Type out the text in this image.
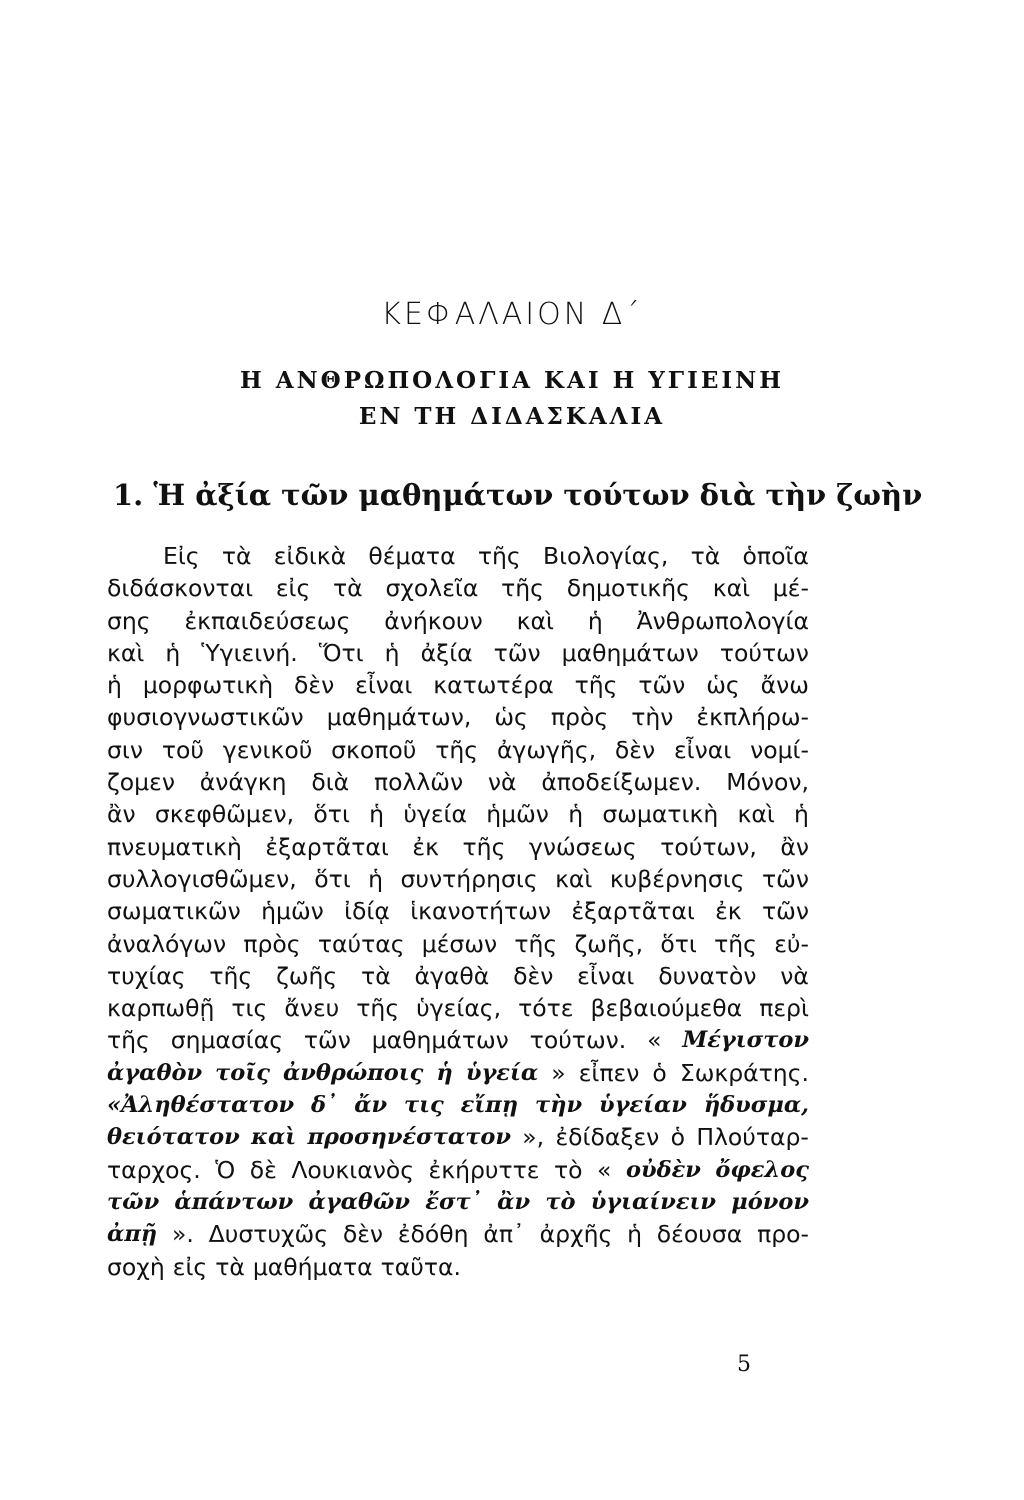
ΚΕΦΑΛΑΙΟΝ Δ΄
Η ΑΝΘΡΩΠΟΛΟΓΙΑ ΚΑΙ Η ΥΓΙΕΙΝΗ
ΕΝ ΤΗ ΔΙΔΑΣΚΑΛΙΑ
1. Ἡ ἀξία τῶν μαθημάτων τούτων διὰ τὴν ζωὴν
Εἰς τὰ εἰδικὰ θέματα τῆς Βιολογίας, τὰ ὁποῖα
διδάσκονται εἰς τὰ σχολεῖα τῆς δημοτικῆς καὶ μέ-
σης ἐκπαιδεύσεως ἀνήκουν καὶ ἡ Ἀνθρωπολογία
καὶ ἡ Ὑγιεινή. Ὅτι ἡ ἀξία τῶν μαθημάτων τούτων
ἡ μορφωτικὴ δὲν εἶναι κατωτέρα τῆς τῶν ὡς ἄνω
φυσιογνωστικῶν μαθημάτων, ὡς πρὸς τὴν ἐκπλήρω-
σιν τοῦ γενικοῦ σκοποῦ τῆς ἀγωγῆς, δὲν εἶναι νομί-
ζομεν ἀνάγκη διὰ πολλῶν νὰ ἀποδείξωμεν. Μόνον,
ἂν σκεφθῶμεν, ὅτι ἡ ὑγεία ἡμῶν ἡ σωματικὴ καὶ ἡ
πνευματικὴ ἐξαρτᾶται ἐκ τῆς γνώσεως τούτων, ἂν
συλλογισθῶμεν, ὅτι ἡ συντήρησις καὶ κυβέρνησις τῶν
σωματικῶν ἡμῶν ἰδίᾳ ἱκανοτήτων ἐξαρτᾶται ἐκ τῶν
ἀναλόγων πρὸς ταύτας μέσων τῆς ζωῆς, ὅτι τῆς εὐ-
τυχίας τῆς ζωῆς τὰ ἀγαθὰ δὲν εἶναι δυνατὸν νὰ
καρπωθῇ τις ἄνευ τῆς ὑγείας, τότε βεβαιούμεθα περὶ
τῆς σημασίας τῶν μαθημάτων τούτων. « Μέγιστον
ἀγαθὸν τοῖς ἀνθρώποις ἡ ὑγεία » εἶπεν ὁ Σωκράτης.
«Ἀληθέστατον δ᾽ ἄν τις εἴπῃ τὴν ὑγείαν ἥδυσμα,
θειότατον καὶ προσηνέστατον », ἐδίδαξεν ὁ Πλούταρ-
ταρχος. Ὁ δὲ Λουκιανὸς ἐκήρυττε τὸ « οὐδὲν ὄφελος
τῶν ἁπάντων ἀγαθῶν ἔστ᾽ ἂν τὸ ὑγιαίνειν μόνον
ἀπῇ ». Δυστυχῶς δὲν ἐδόθη ἀπ᾽ ἀρχῆς ἡ δέουσα προ-
σοχὴ εἰς τὰ μαθήματα ταῦτα.
5
